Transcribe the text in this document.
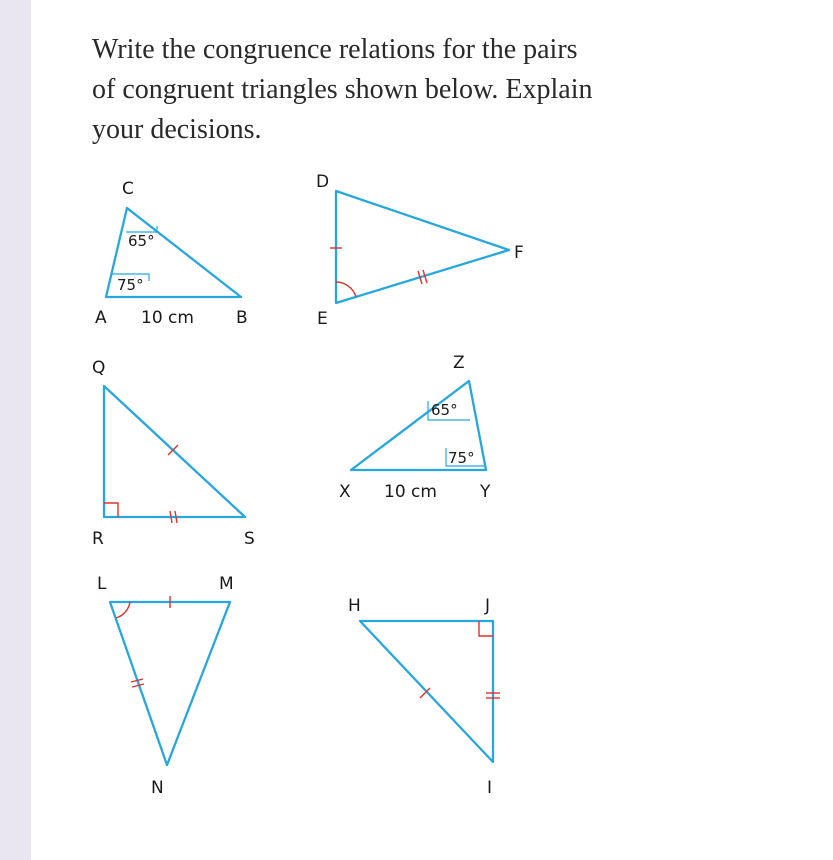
Write the congruence relations for the pairs
of congruent triangles shown below. Explain
your decisions.
C
A	B
65°
75°
10 cm
D
E
F
Q
R	S
Z
X	Y
65°
75°
10 cm
L	M
N
H	J
I
